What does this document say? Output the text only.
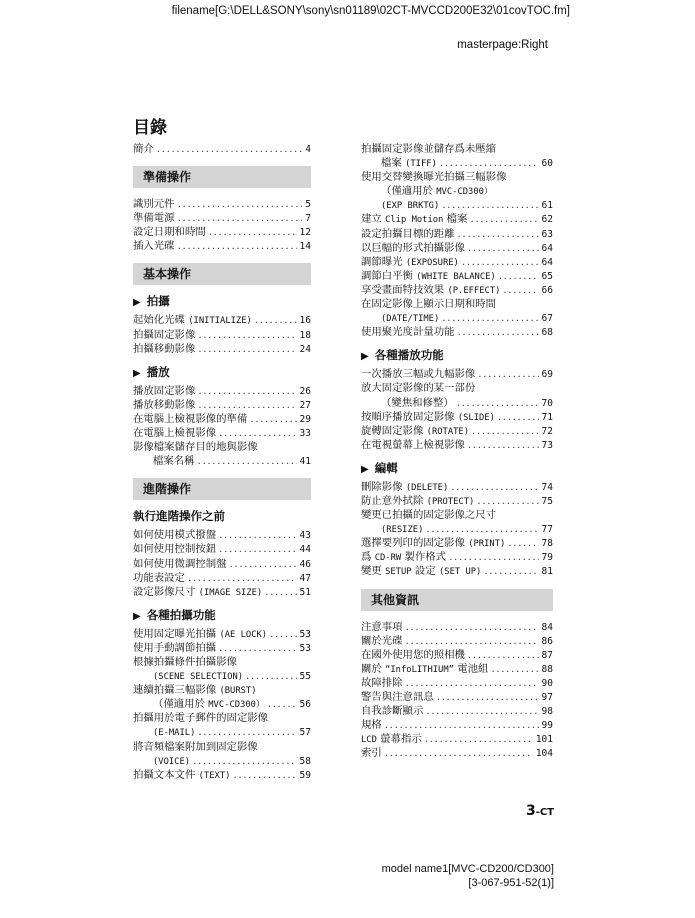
filename[G:\DELL&SONY\sony\sn01189\02CT-MVCCD200E32\01covTOC.fm]
masterpage:Right
目錄
簡介 .....	4
準備操作
識別元件 .....	5
準備電源 .....	7
設定日期和時間 .....	12
插入光碟 .....	14
基本操作
▶ 拍攝
起始化光碟 (INITIALIZE) .....	16
拍攝固定影像 .....	18
拍攝移動影像 .....	24
▶ 播放
播放固定影像 .....	26
播放移動影像 .....	27
在電腦上檢視影像的準備 .....	29
在電腦上檢視影像 .....	33
影像檔案儲存目的地與影像
檔案名稱 .....	41
進階操作
執行進階操作之前
如何使用模式撥盤 .....	43
如何使用控制按鈕 .....	44
如何使用微調控制盤 .....	46
功能表設定 .....	47
設定影像尺寸 (IMAGE SIZE) .....	51
▶ 各種拍攝功能
使用固定曝光拍攝 (AE LOCK) .....	53
使用手動調節拍攝 .....	53
根據拍攝條件拍攝影像
(SCENE SELECTION) .....	55
連續拍攝三幅影像 (BURST)
（僅適用於 MVC-CD300） .....	56
拍攝用於電子郵件的固定影像
(E-MAIL) .....	57
將音頻檔案附加到固定影像
(VOICE) .....	58
拍攝文本文件 (TEXT) .....	59
拍攝固定影像並儲存爲未壓縮
檔案 (TIFF) .....	60
使用交替變換曝光拍攝三幅影像
（僅適用於 MVC-CD300）
(EXP BRKTG) .....	61
建立 Clip Motion 檔案 .....	62
設定拍攝目標的距離 .....	63
以巨幅的形式拍攝影像 .....	64
調節曝光 (EXPOSURE) .....	64
調節白平衡 (WHITE BALANCE) .....	65
享受畫面特技效果 (P.EFFECT) .....	66
在固定影像上顯示日期和時間
(DATE/TIME) .....	67
使用聚光度計量功能 .....	68
▶ 各種播放功能
一次播放三幅或九幅影像 .....	69
放大固定影像的某一部份
（變焦和修整） .....	70
按順序播放固定影像 (SLIDE) .....	71
旋轉固定影像 (ROTATE) .....	72
在電視螢幕上檢視影像 .....	73
▶ 編輯
刪除影像 (DELETE) .....	74
防止意外拭除 (PROTECT) .....	75
變更已拍攝的固定影像之尺寸
(RESIZE) .....	77
選擇要列印的固定影像 (PRINT) .....	78
爲 CD-RW 製作格式 .....	79
變更 SETUP 設定 (SET UP) .....	81
其他資訊
注意事項 .....	84
關於光碟 .....	86
在國外使用您的照相機 .....	87
關於 “InfoLITHIUM” 電池組 .....	88
故障排除 .....	90
警告與注意訊息 .....	97
自我診斷顯示 .....	98
規格 .....	99
LCD 螢幕指示 .....	101
索引 .....	104
3-CT
model name1[MVC-CD200/CD300]
[3-067-951-52(1)]
